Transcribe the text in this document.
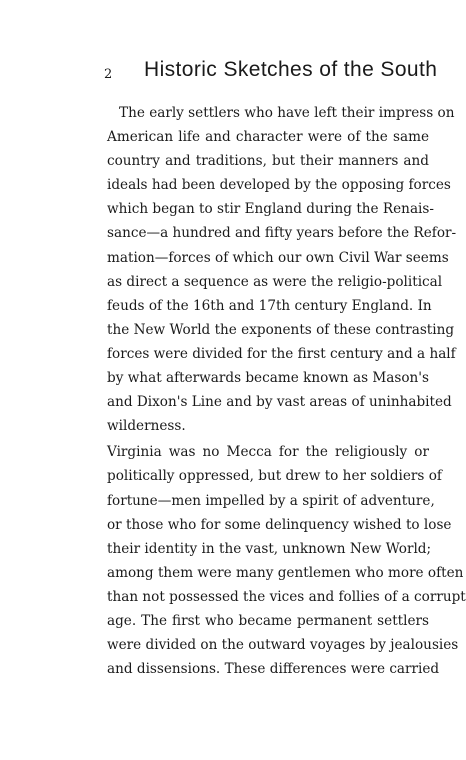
2 Historic Sketches of the South
The early settlers who have left their impress on
American life and character were of the same
country and traditions, but their manners and
ideals had been developed by the opposing forces
which began to stir England during the Renais-
sance—a hundred and fifty years before the Refor-
mation—forces of which our own Civil War seems
as direct a sequence as were the religio-political
feuds of the 16th and 17th century England. In
the New World the exponents of these contrasting
forces were divided for the first century and a half
by what afterwards became known as Mason's
and Dixon's Line and by vast areas of uninhabited
wilderness.
Virginia was no Mecca for the religiously or
politically oppressed, but drew to her soldiers of
fortune—men impelled by a spirit of adventure,
or those who for some delinquency wished to lose
their identity in the vast, unknown New World;
among them were many gentlemen who more often
than not possessed the vices and follies of a corrupt
age. The first who became permanent settlers
were divided on the outward voyages by jealousies
and dissensions. These differences were carried
